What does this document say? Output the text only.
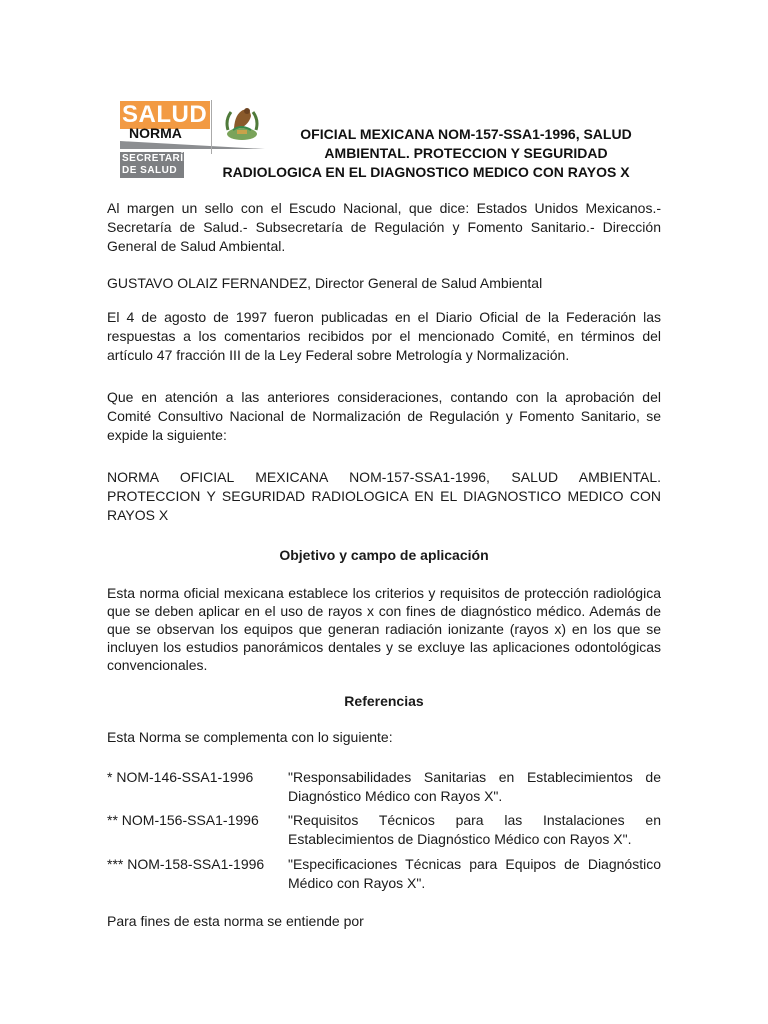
SALUD
NORMA
SECRETARÍA
DE SALUD
OFICIAL MEXICANA NOM-157-SSA1-1996, SALUD
AMBIENTAL. PROTECCION Y SEGURIDAD
RADIOLOGICA EN EL DIAGNOSTICO MEDICO CON RAYOS X
Al margen un sello con el Escudo Nacional, que dice: Estados Unidos Mexicanos.- Secretaría de Salud.- Subsecretaría de Regulación y Fomento Sanitario.- Dirección General de Salud Ambiental.
GUSTAVO OLAIZ FERNANDEZ, Director General de Salud Ambiental
El 4 de agosto de 1997 fueron publicadas en el Diario Oficial de la Federación las respuestas a los comentarios recibidos por el mencionado Comité, en términos del artículo 47 fracción III de la Ley Federal sobre Metrología y Normalización.
Que en atención a las anteriores consideraciones, contando con la aprobación del Comité Consultivo Nacional de Normalización de Regulación y Fomento Sanitario, se expide la siguiente:
NORMA OFICIAL MEXICANA NOM-157-SSA1-1996, SALUD AMBIENTAL. PROTECCION Y SEGURIDAD RADIOLOGICA EN EL DIAGNOSTICO MEDICO CON RAYOS X
Objetivo y campo de aplicación
Esta norma oficial mexicana establece los criterios y requisitos de protección radiológica que se deben aplicar en el uso de rayos x con fines de diagnóstico médico. Además de que se observan los equipos que generan radiación ionizante (rayos x) en los que se incluyen los estudios panorámicos dentales y se excluye las aplicaciones odontológicas convencionales.
Referencias
Esta Norma se complementa con lo siguiente:
* NOM-146-SSA1-1996 "Responsabilidades Sanitarias en Establecimientos de Diagnóstico Médico con Rayos X".
** NOM-156-SSA1-1996 "Requisitos Técnicos para las Instalaciones en Establecimientos de Diagnóstico Médico con Rayos X".
*** NOM-158-SSA1-1996 "Especificaciones Técnicas para Equipos de Diagnóstico Médico con Rayos X".
Para fines de esta norma se entiende por
